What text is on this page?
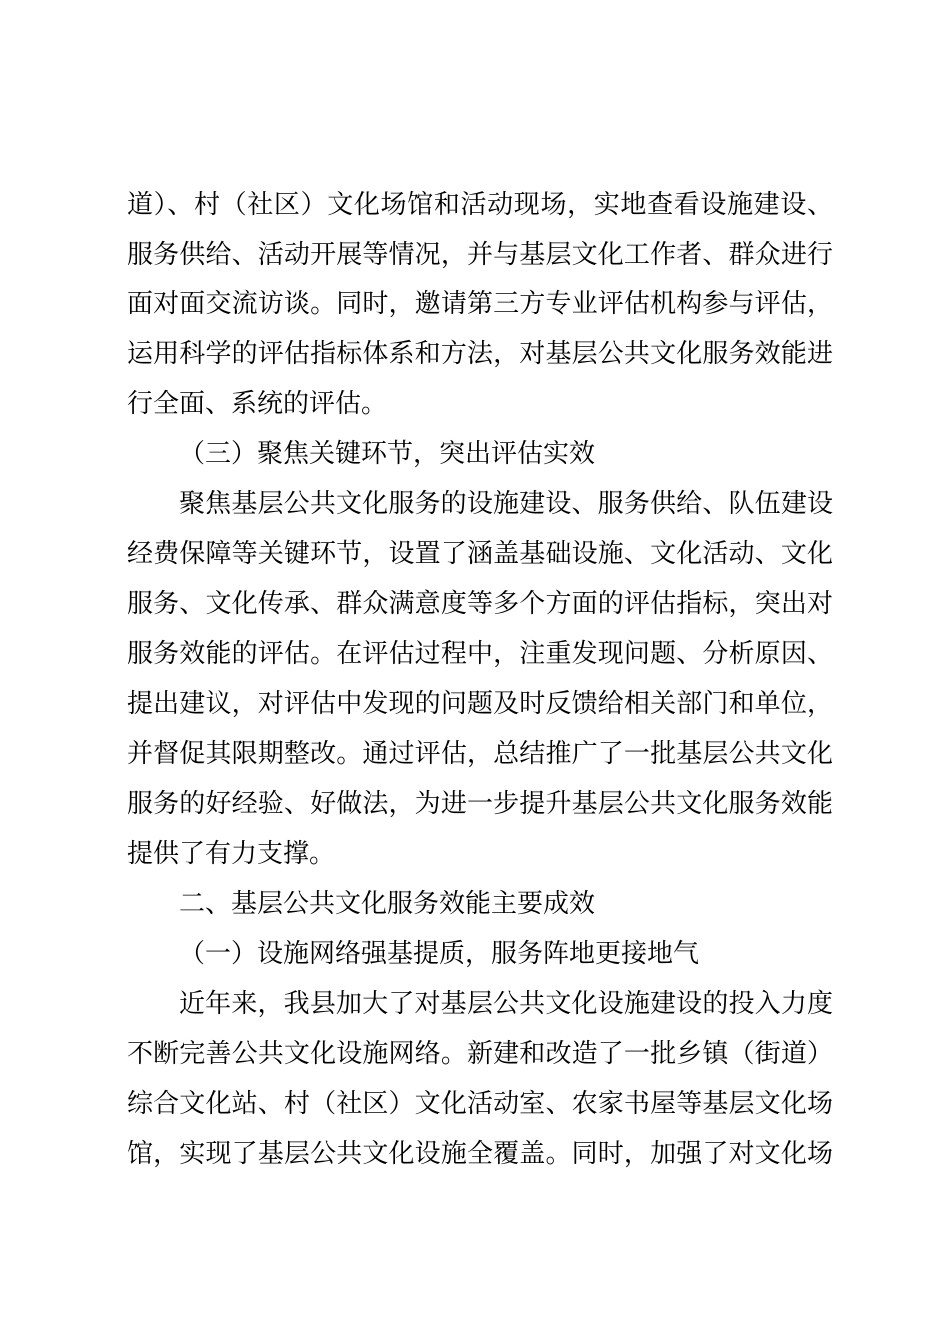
道）、村（社区）文化场馆和活动现场，实地查看设施建设、
服务供给、活动开展等情况，并与基层文化工作者、群众进行
面对面交流访谈。同时，邀请第三方专业评估机构参与评估，
运用科学的评估指标体系和方法，对基层公共文化服务效能进
行全面、系统的评估。
（三）聚焦关键环节，突出评估实效
聚焦基层公共文化服务的设施建设、服务供给、队伍建设
经费保障等关键环节，设置了涵盖基础设施、文化活动、文化
服务、文化传承、群众满意度等多个方面的评估指标，突出对
服务效能的评估。在评估过程中，注重发现问题、分析原因、
提出建议，对评估中发现的问题及时反馈给相关部门和单位，
并督促其限期整改。通过评估，总结推广了一批基层公共文化
服务的好经验、好做法，为进一步提升基层公共文化服务效能
提供了有力支撑。
二、基层公共文化服务效能主要成效
（一）设施网络强基提质，服务阵地更接地气
近年来，我县加大了对基层公共文化设施建设的投入力度
不断完善公共文化设施网络。新建和改造了一批乡镇（街道）
综合文化站、村（社区）文化活动室、农家书屋等基层文化场
馆，实现了基层公共文化设施全覆盖。同时，加强了对文化场
